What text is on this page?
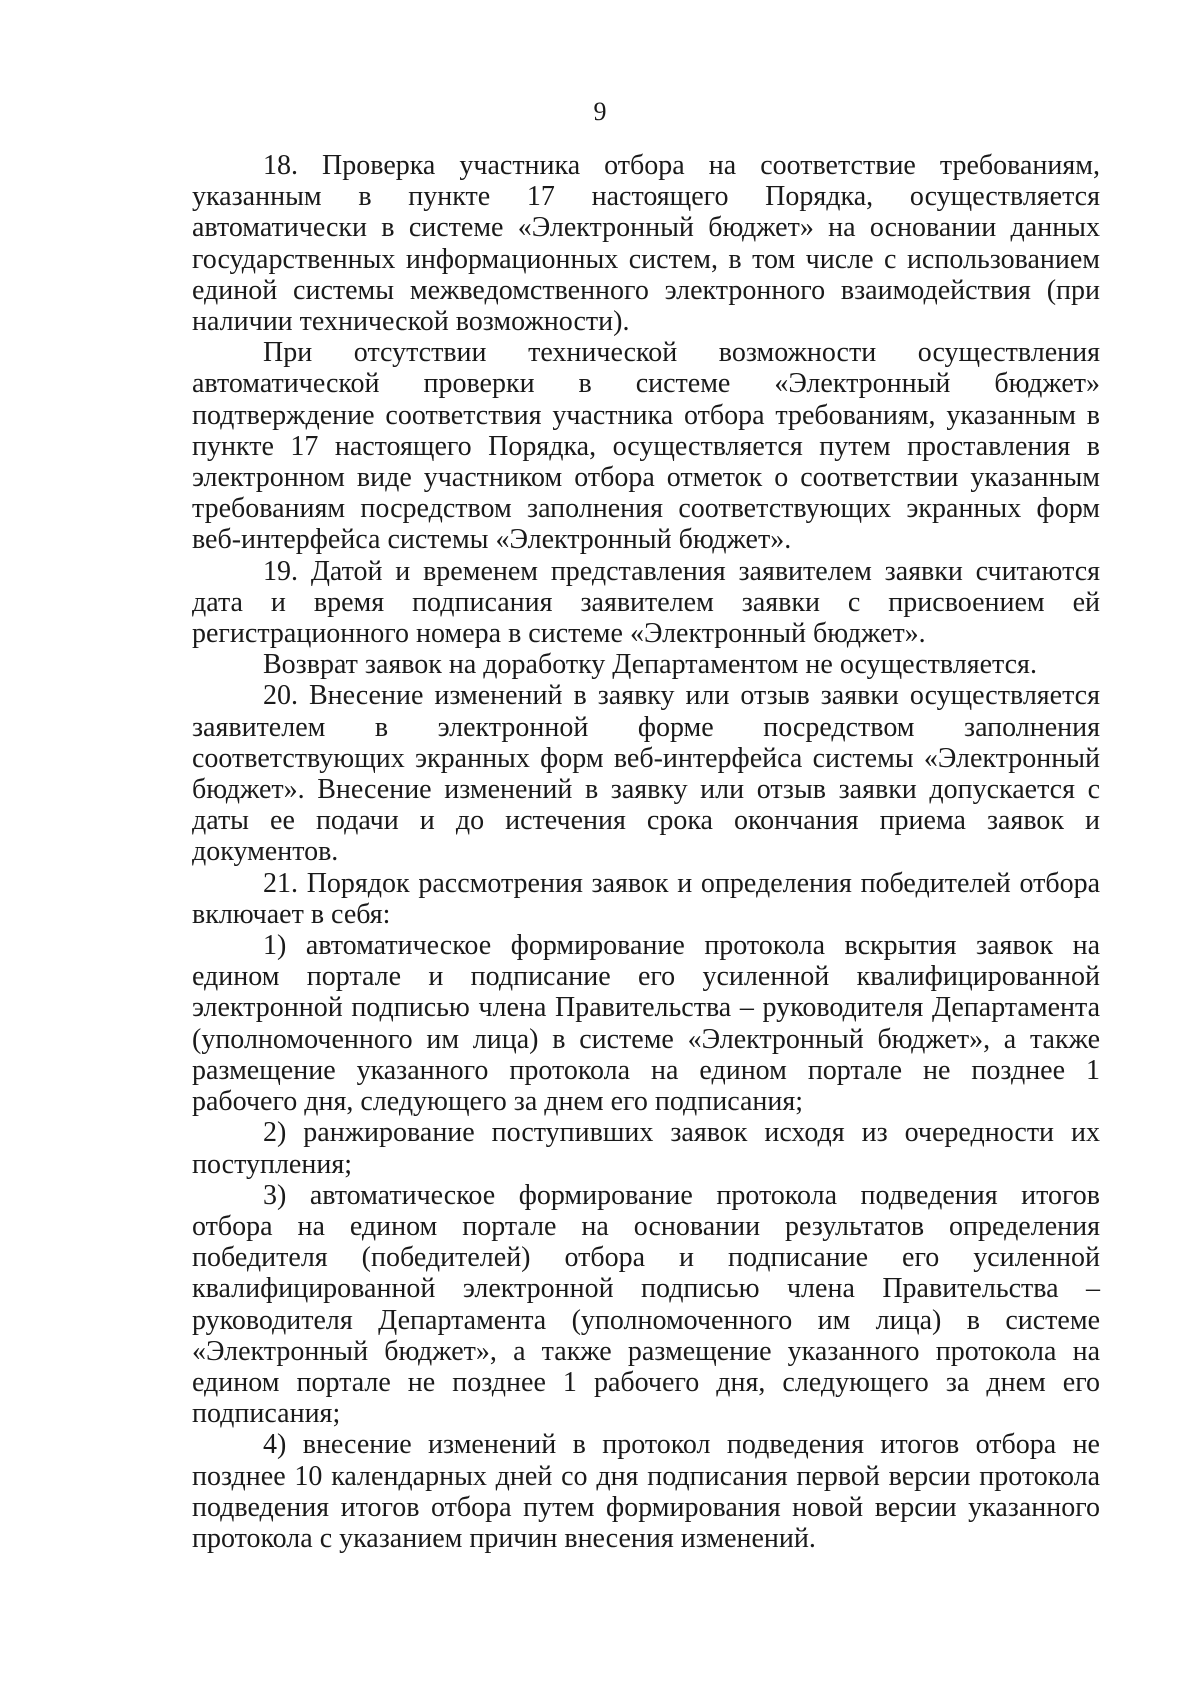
9

18. Проверка участника отбора на соответствие требованиям, указанным в пункте 17 настоящего Порядка, осуществляется автоматически в системе «Электронный бюджет» на основании данных государственных информационных систем, в том числе с использованием единой системы межведомственного электронного взаимодействия (при наличии технической возможности).

При отсутствии технической возможности осуществления автоматической проверки в системе «Электронный бюджет» подтверждение соответствия участника отбора требованиям, указанным в пункте 17 настоящего Порядка, осуществляется путем проставления в электронном виде участником отбора отметок о соответствии указанным требованиям посредством заполнения соответствующих экранных форм веб-интерфейса системы «Электронный бюджет».

19. Датой и временем представления заявителем заявки считаются дата и время подписания заявителем заявки с присвоением ей регистрационного номера в системе «Электронный бюджет».

Возврат заявок на доработку Департаментом не осуществляется.

20. Внесение изменений в заявку или отзыв заявки осуществляется заявителем в электронной форме посредством заполнения соответствующих экранных форм веб-интерфейса системы «Электронный бюджет». Внесение изменений в заявку или отзыв заявки допускается с даты ее подачи и до истечения срока окончания приема заявок и документов.

21. Порядок рассмотрения заявок и определения победителей отбора включает в себя:

1) автоматическое формирование протокола вскрытия заявок на едином портале и подписание его усиленной квалифицированной электронной подписью члена Правительства – руководителя Департамента (уполномоченного им лица) в системе «Электронный бюджет», а также размещение указанного протокола на едином портале не позднее 1 рабочего дня, следующего за днем его подписания;

2) ранжирование поступивших заявок исходя из очередности их поступления;

3) автоматическое формирование протокола подведения итогов отбора на едином портале на основании результатов определения победителя (победителей) отбора и подписание его усиленной квалифицированной электронной подписью члена Правительства – руководителя Департамента (уполномоченного им лица) в системе «Электронный бюджет», а также размещение указанного протокола на едином портале не позднее 1 рабочего дня, следующего за днем его подписания;

4) внесение изменений в протокол подведения итогов отбора не позднее 10 календарных дней со дня подписания первой версии протокола подведения итогов отбора путем формирования новой версии указанного протокола с указанием причин внесения изменений.
